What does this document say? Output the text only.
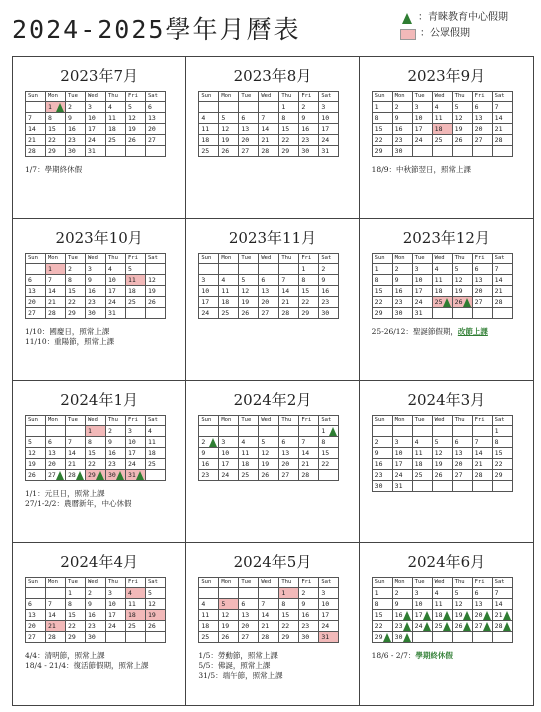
2024-2025學年月曆表	：青睞教育中心假期
：公眾假期
2023年7月
Sun	Mon	Tue	Wed	Thu	Fri	Sat
	1	2	3	4	5	6
7	8	9	10	11	12	13
14	15	16	17	18	19	20
21	22	23	24	25	26	27
28	29	30	31			
1/7：學期終休假
2023年8月
Sun	Mon	Tue	Wed	Thu	Fri	Sat
				1	2	3
4	5	6	7	8	9	10
11	12	13	14	15	16	17
18	19	20	21	22	23	24
25	26	27	28	29	30	31
2023年9月
Sun	Mon	Tue	Wed	Thu	Fri	Sat
1	2	3	4	5	6	7
8	9	10	11	12	13	14
15	16	17	18	19	20	21
22	23	24	25	26	27	28
29	30					
18/9：中秋節翌日，照常上課
2023年10月
Sun	Mon	Tue	Wed	Thu	Fri	Sat
	1	2	3	4	5	
6	7	8	9	10	11	12
13	14	15	16	17	18	19
20	21	22	23	24	25	26
27	28	29	30	31		
1/10：國慶日，照常上課
11/10：重陽節，照常上課
2023年11月
Sun	Mon	Tue	Wed	Thu	Fri	Sat
					1	2
3	4	5	6	7	8	9
10	11	12	13	14	15	16
17	18	19	20	21	22	23
24	25	26	27	28	29	30
2023年12月
Sun	Mon	Tue	Wed	Thu	Fri	Sat
1	2	3	4	5	6	7
8	9	10	11	12	13	14
15	16	17	18	19	20	21
22	23	24	25	26	27	28
29	30	31				
25-26/12：聖誕節假期，改節上課
2024年1月
Sun	Mon	Tue	Wed	Thu	Fri	Sat
			1	2	3	4
5	6	7	8	9	10	11
12	13	14	15	16	17	18
19	20	21	22	23	24	25
26	27	28	29	30	31	
1/1：元旦日，照常上課
27/1-2/2：農曆新年，中心休假
2024年2月
Sun	Mon	Tue	Wed	Thu	Fri	Sat
						1
2	3	4	5	6	7	8
9	10	11	12	13	14	15
16	17	18	19	20	21	22
23	24	25	26	27	28	
2024年3月
Sun	Mon	Tue	Wed	Thu	Fri	Sat
						1
2	3	4	5	6	7	8
9	10	11	12	13	14	15
16	17	18	19	20	21	22
23	24	25	26	27	28	29
30	31					
2024年4月
Sun	Mon	Tue	Wed	Thu	Fri	Sat
		1	2	3	4	5
6	7	8	9	10	11	12
13	14	15	16	17	18	19
20	21	22	23	24	25	26
27	28	29	30			
4/4：清明節，照常上課
18/4 - 21/4：復活節假期，照常上課
2024年5月
Sun	Mon	Tue	Wed	Thu	Fri	Sat
				1	2	3
4	5	6	7	8	9	10
11	12	13	14	15	16	17
18	19	20	21	22	23	24
25	26	27	28	29	30	31
1/5：勞動節，照常上課
5/5：佛誕，照常上課
31/5：端午節，照常上課
2024年6月
Sun	Mon	Tue	Wed	Thu	Fri	Sat
1	2	3	4	5	6	7
8	9	10	11	12	13	14
15	16	17	18	19	20	21
22	23	24	25	26	27	28
29	30					
18/6 - 2/7：學期終休假
